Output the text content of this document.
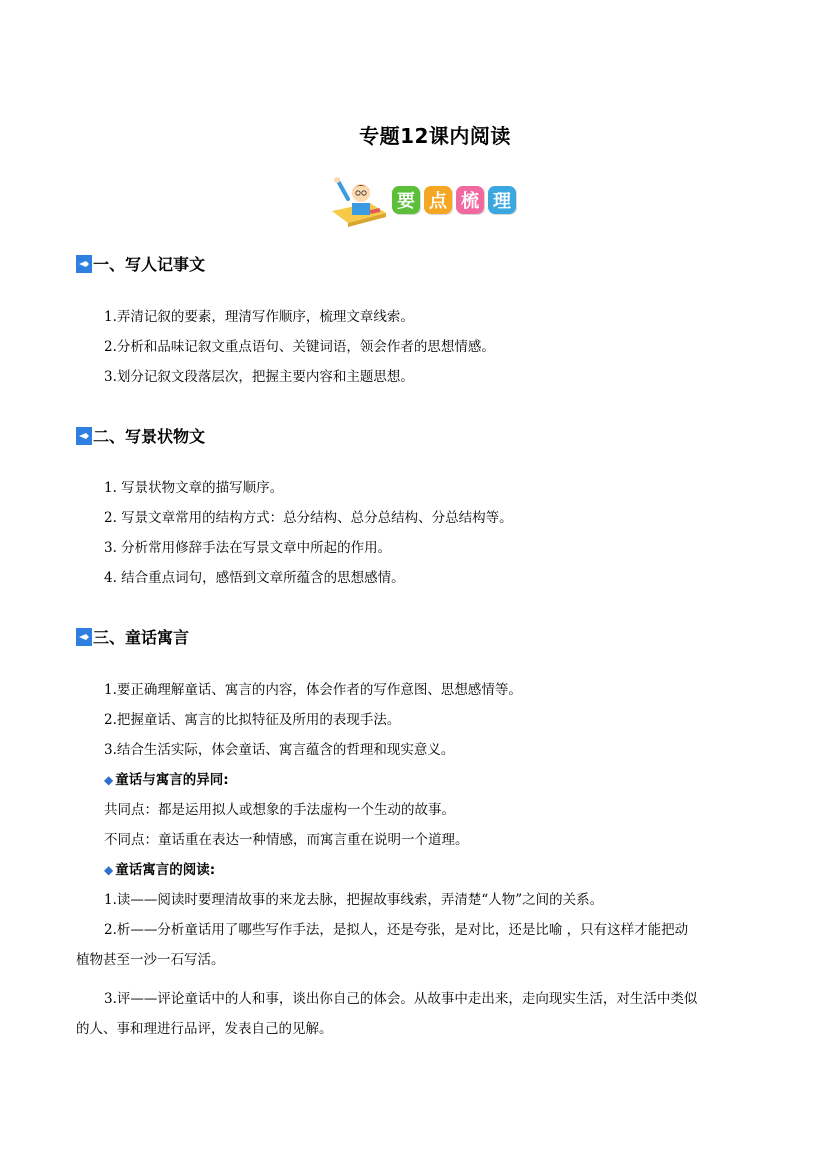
专题12课内阅读
要 点 梳 理
一、写人记事文
1.弄清记叙的要素，理清写作顺序，梳理文章线索。
2.分析和品味记叙文重点语句、关键词语，领会作者的思想情感。
3.划分记叙文段落层次，把握主要内容和主题思想。
二、写景状物文
1. 写景状物文章的描写顺序。
2. 写景文章常用的结构方式：总分结构、总分总结构、分总结构等。
3. 分析常用修辞手法在写景文章中所起的作用。
4. 结合重点词句，感悟到文章所蕴含的思想感情。
三、童话寓言
1.要正确理解童话、寓言的内容，体会作者的写作意图、思想感情等。
2.把握童话、寓言的比拟特征及所用的表现手法。
3.结合生活实际，体会童话、寓言蕴含的哲理和现实意义。
◆ 童话与寓言的异同:
共同点：都是运用拟人或想象的手法虚构一个生动的故事。
不同点：童话重在表达一种情感，而寓言重在说明一个道理。
◆ 童话寓言的阅读:
1.读——阅读时要理清故事的来龙去脉，把握故事线索，弄清楚“人物”之间的关系。
2.析——分析童话用了哪些写作手法，是拟人，还是夸张，是对比，还是比喻 ，只有这样才能把动
植物甚至一沙一石写活。
3.评——评论童话中的人和事，谈出你自己的体会。从故事中走出来，走向现实生活，对生活中类似
的人、事和理进行品评，发表自己的见解。
